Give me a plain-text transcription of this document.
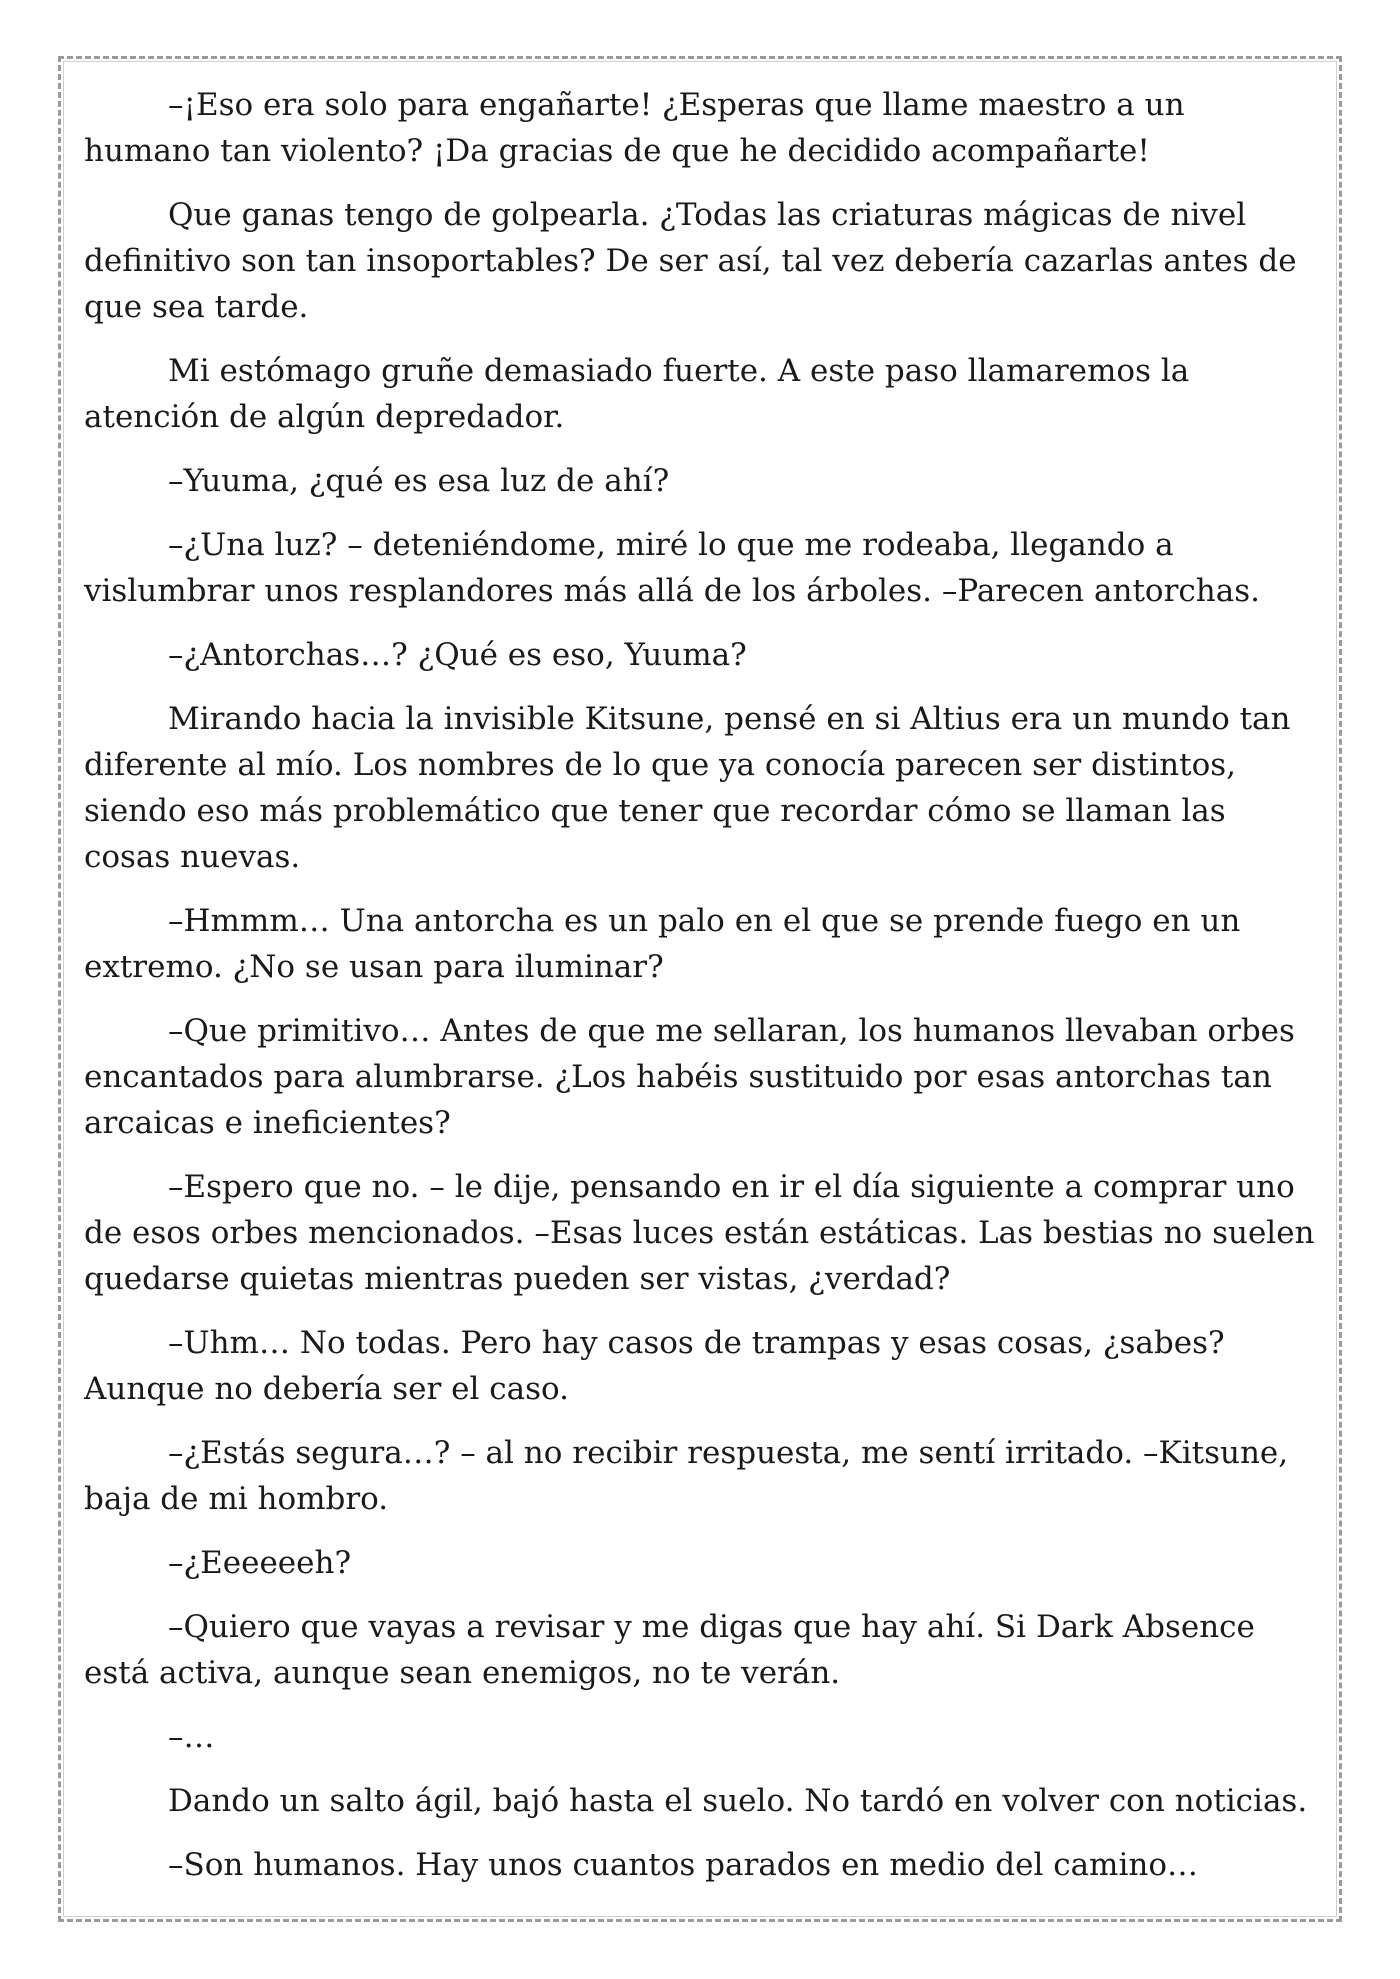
–¡Eso era solo para engañarte! ¿Esperas que llame maestro a un humano tan violento? ¡Da gracias de que he decidido acompañarte!

Que ganas tengo de golpearla. ¿Todas las criaturas mágicas de nivel definitivo son tan insoportables? De ser así, tal vez debería cazarlas antes de que sea tarde.

Mi estómago gruñe demasiado fuerte. A este paso llamaremos la atención de algún depredador.

–Yuuma, ¿qué es esa luz de ahí?

–¿Una luz? – deteniéndome, miré lo que me rodeaba, llegando a vislumbrar unos resplandores más allá de los árboles. –Parecen antorchas.

–¿Antorchas…? ¿Qué es eso, Yuuma?

Mirando hacia la invisible Kitsune, pensé en si Altius era un mundo tan diferente al mío. Los nombres de lo que ya conocía parecen ser distintos, siendo eso más problemático que tener que recordar cómo se llaman las cosas nuevas.

–Hmmm… Una antorcha es un palo en el que se prende fuego en un extremo. ¿No se usan para iluminar?

–Que primitivo… Antes de que me sellaran, los humanos llevaban orbes encantados para alumbrarse. ¿Los habéis sustituido por esas antorchas tan arcaicas e ineficientes?

–Espero que no. – le dije, pensando en ir el día siguiente a comprar uno de esos orbes mencionados. –Esas luces están estáticas. Las bestias no suelen quedarse quietas mientras pueden ser vistas, ¿verdad?

–Uhm… No todas. Pero hay casos de trampas y esas cosas, ¿sabes? Aunque no debería ser el caso.

–¿Estás segura…? – al no recibir respuesta, me sentí irritado. –Kitsune, baja de mi hombro.

–¿Eeeeeeh?

–Quiero que vayas a revisar y me digas que hay ahí. Si Dark Absence está activa, aunque sean enemigos, no te verán.

–…

Dando un salto ágil, bajó hasta el suelo. No tardó en volver con noticias.

–Son humanos. Hay unos cuantos parados en medio del camino…
